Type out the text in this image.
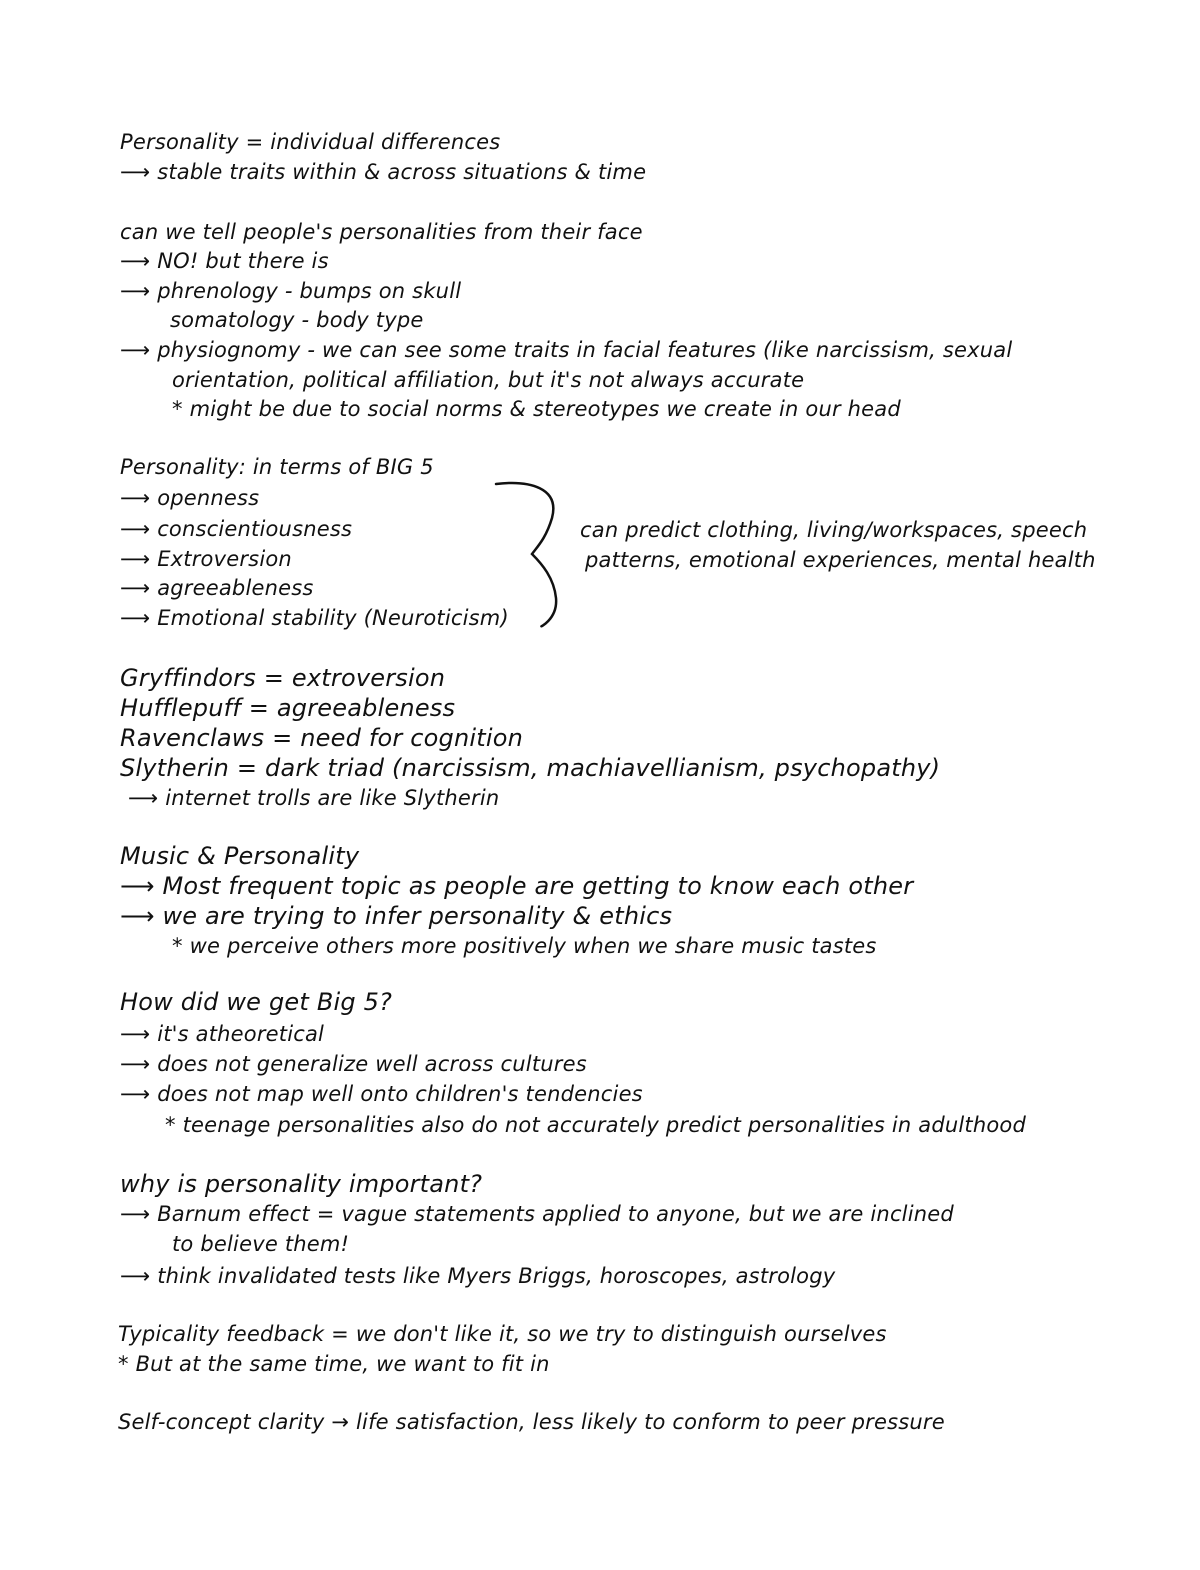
Personality = individual differences
⟶ stable traits within & across situations & time
can we tell people's personalities from their face
⟶ NO! but there is
⟶ phrenology - bumps on skull
somatology - body type
⟶ physiognomy - we can see some traits in facial features (like narcissism, sexual
orientation, political affiliation, but it's not always accurate
* might be due to social norms & stereotypes we create in our head
Personality: in terms of BIG 5
⟶ openness
⟶ conscientiousness
⟶ Extroversion
⟶ agreeableness
⟶ Emotional stability (Neuroticism)
can predict clothing, living/workspaces, speech
patterns, emotional experiences, mental health
Gryffindors = extroversion
Hufflepuff = agreeableness
Ravenclaws = need for cognition
Slytherin = dark triad (narcissism, machiavellianism, psychopathy)
⟶ internet trolls are like Slytherin
Music & Personality
⟶ Most frequent topic as people are getting to know each other
⟶ we are trying to infer personality & ethics
* we perceive others more positively when we share music tastes
How did we get Big 5?
⟶ it's atheoretical
⟶ does not generalize well across cultures
⟶ does not map well onto children's tendencies
* teenage personalities also do not accurately predict personalities in adulthood
why is personality important?
⟶ Barnum effect = vague statements applied to anyone, but we are inclined
to believe them!
⟶ think invalidated tests like Myers Briggs, horoscopes, astrology
Typicality feedback = we don't like it, so we try to distinguish ourselves
* But at the same time, we want to fit in
Self-concept clarity → life satisfaction, less likely to conform to peer pressure
